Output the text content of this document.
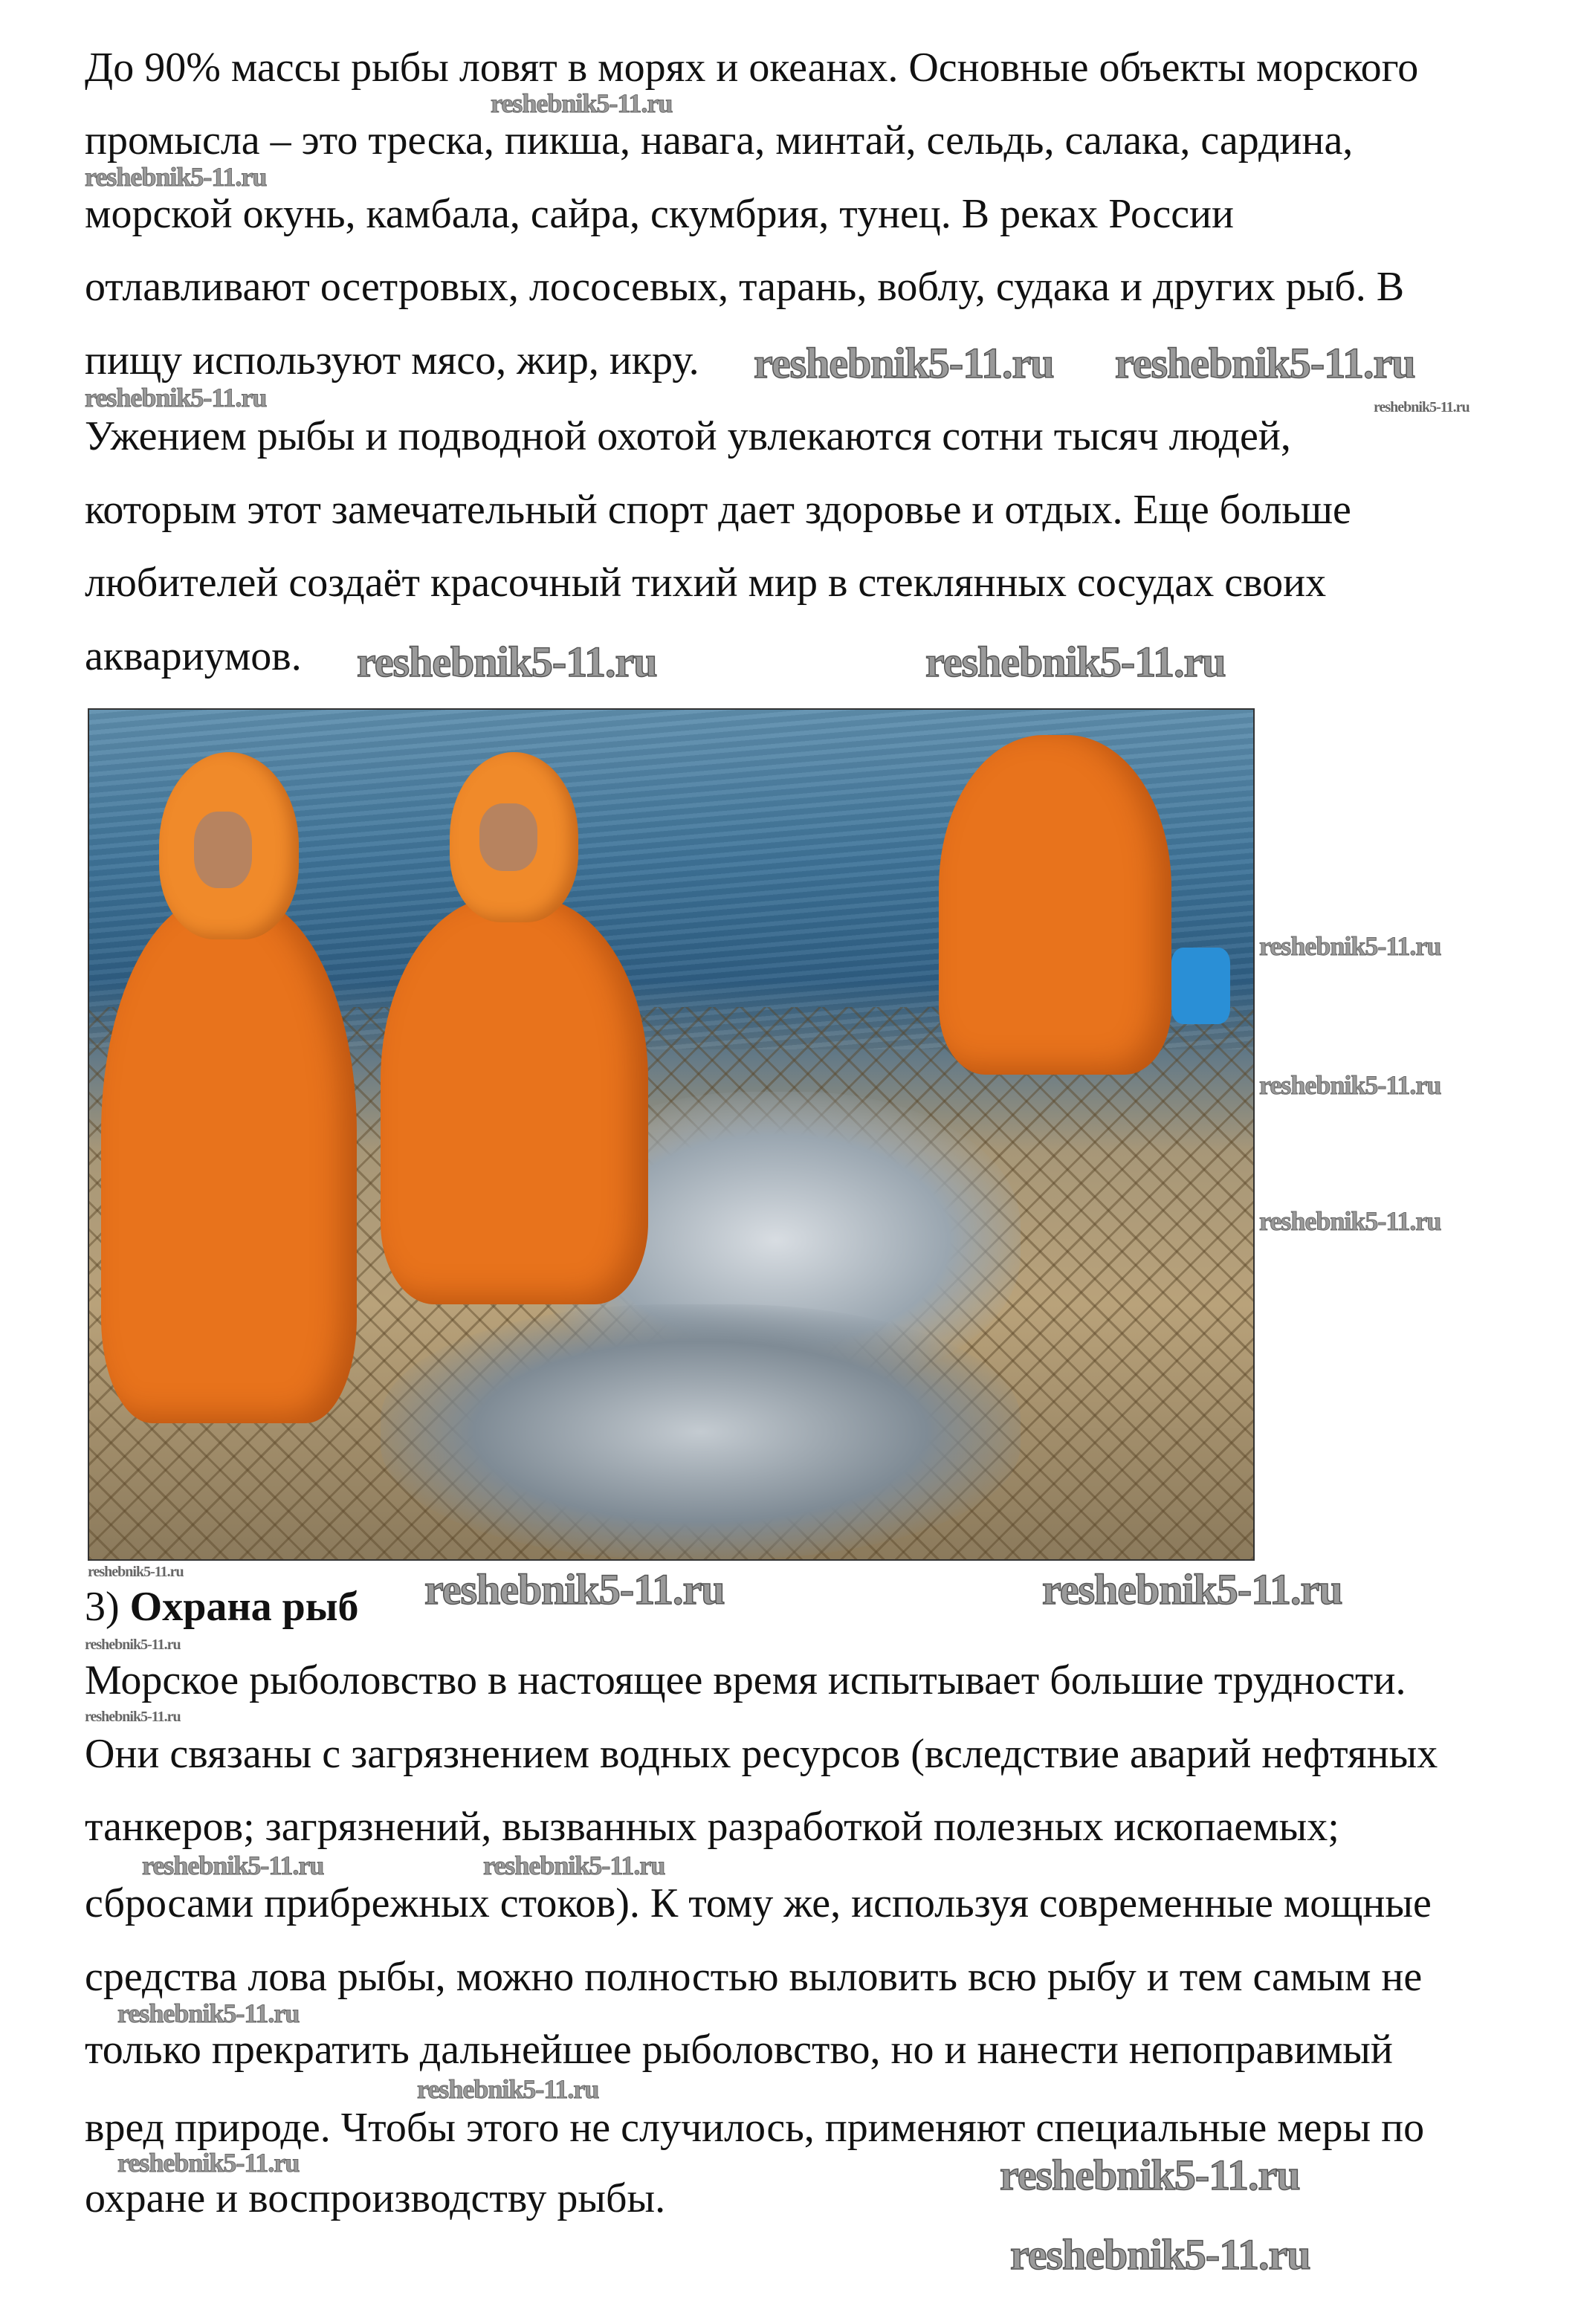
До 90% массы рыбы ловят в морях и океанах. Основные объекты морского
промысла – это треска, пикша, навага, минтай, сельдь, салака, сардина,
морской окунь, камбала, сайра, скумбрия, тунец. В реках России
отлавливают осетровых, лососевых, тарань, воблу, судака и других рыб. В
пищу используют мясо, жир, икру.
Ужением рыбы и подводной охотой увлекаются сотни тысяч людей,
которым этот замечательный спорт дает здоровье и отдых. Еще больше
любителей создаёт красочный тихий мир в стеклянных сосудах своих
аквариумов.
3) Охрана рыб
Морское рыболовство в настоящее время испытывает большие трудности.
Они связаны с загрязнением водных ресурсов (вследствие аварий нефтяных
танкеров; загрязнений, вызванных разработкой полезных ископаемых;
сбросами прибрежных стоков). К тому же, используя современные мощные
средства лова рыбы, можно полностью выловить всю рыбу и тем самым не
только прекратить дальнейшее рыболовство, но и нанести непоправимый
вред природе. Чтобы этого не случилось, применяют специальные меры по
охране и воспроизводству рыбы.
reshebnik5-11.ru
reshebnik5-11.ru
reshebnik5-11.ru
reshebnik5-11.ru
reshebnik5-11.ru
reshebnik5-11.ru
reshebnik5-11.ru	reshebnik5-11.ru
reshebnik5-11.ru
reshebnik5-11.ru
reshebnik5-11.ru
reshebnik5-11.ru	reshebnik5-11.ru	reshebnik5-11.ru
reshebnik5-11.ru
reshebnik5-11.ru
reshebnik5-11.ru	reshebnik5-11.ru
reshebnik5-11.ru
reshebnik5-11.ru
reshebnik5-11.ru
reshebnik5-11.ru	reshebnik5-11.ru
